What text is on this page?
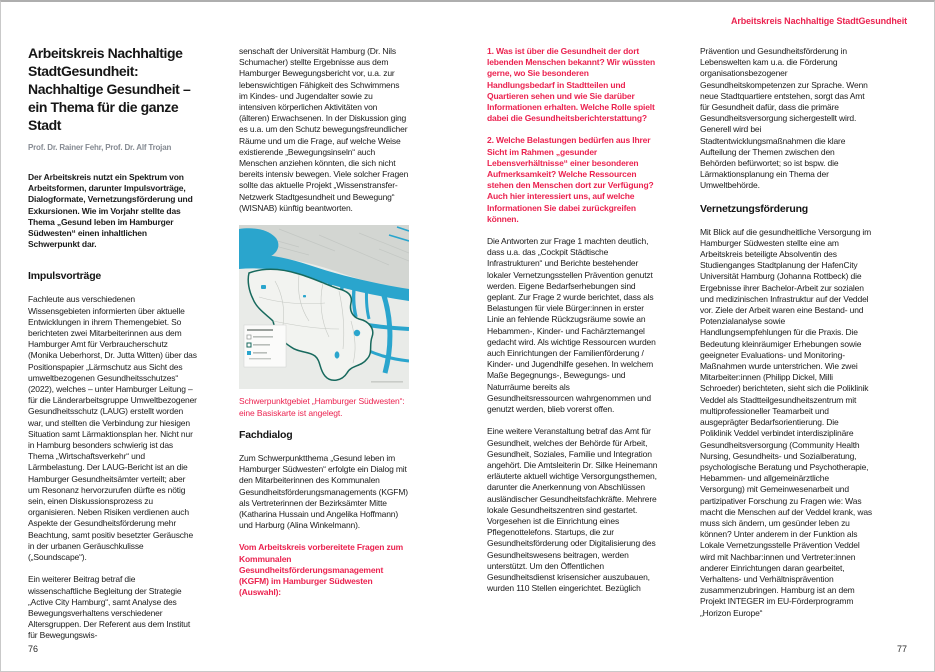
Arbeitskreis Nachhaltige StadtGesundheit
Arbeitskreis Nachhaltige StadtGesundheit: Nachhaltige Gesundheit – ein Thema für die ganze Stadt
Prof. Dr. Rainer Fehr, Prof. Dr. Alf Trojan

Der Arbeitskreis nutzt ein Spektrum von Arbeitsformen, darunter Impulsvorträge, Dialogformate, Vernetzungsförderung und Exkursionen. Wie im Vorjahr stellte das Thema „Gesund leben im Hamburger Südwesten“ einen inhaltlichen Schwerpunkt dar.

Impulsvorträge

Fachleute aus verschiedenen Wissensgebieten informierten über aktuelle Entwicklungen in ihrem Themengebiet. So berichteten zwei Mitarbeiterinnen aus dem Hamburger Amt für Verbraucherschutz (Monika Ueberhorst, Dr. Jutta Witten) über das Positionspapier „Lärmschutz aus Sicht des umweltbezogenen Gesundheitsschutzes“ (2022), welches – unter Hamburger Leitung – für die Länderarbeitsgruppe Umweltbezogener Gesundheitsschutz (LAUG) erstellt worden war, und stellten die Verbindung zur hiesigen Situation samt Lärmaktionsplan her. Nicht nur in Hamburg besonders schwierig ist das Thema „Wirtschaftsverkehr“ und Lärmbelastung. Der LAUG-Bericht ist an die Hamburger Gesundheitsämter verteilt; aber um Resonanz hervorzurufen dürfte es nötig sein, einen Diskussionsprozess zu organisieren. Neben Risiken verdienen auch Aspekte der Gesundheitsförderung mehr Beachtung, samt positiv besetzter Geräusche in der urbanen Geräuschkulisse („Soundscape“).

Ein weiterer Beitrag betraf die wissenschaftliche Begleitung der Strategie „Active City Hamburg“, samt Analyse des Bewegungsverhaltens verschiedener Altersgruppen. Der Referent aus dem Institut für Bewegungswis-

senschaft der Universität Hamburg (Dr. Nils Schumacher) stellte Ergebnisse aus dem Hamburger Bewegungsbericht vor, u.a. zur lebenswichtigen Fähigkeit des Schwimmens im Kindes- und Jugendalter sowie zu intensiven körperlichen Aktivitäten von (älteren) Erwachsenen. In der Diskussion ging es u.a. um den Schutz bewegungsfreundlicher Räume und um die Frage, auf welche Weise existierende „Bewegungsinseln“ auch Menschen anziehen könnten, die sich nicht bereits intensiv bewegen. Viele solcher Fragen sollte das aktuelle Projekt „Wissenstransfer-Netzwerk Stadtgesundheit und Bewegung“ (WISNAB) künftig beantworten.

Schwerpunktgebiet „Hamburger Südwesten“: eine Basiskarte ist angelegt.
Fachdialog

Zum Schwerpunktthema „Gesund leben im Hamburger Südwesten“ erfolgte ein Dialog mit den Mitarbeiterinnen des Kommunalen Gesundheitsförderungsmanagements (KGFM) als Vertreterinnen der Bezirksämter Mitte (Katharina Hussain und Angelika Hoffmann) und Harburg (Alina Winkelmann).

Vom Arbeitskreis vorbereitete Fragen zum Kommunalen Gesundheitsförderungsmanagement (KGFM) im Hamburger Südwesten (Auswahl):

1. Was ist über die Gesundheit der dort lebenden Menschen bekannt? Wir wüssten gerne, wo Sie besonderen Handlungsbedarf in Stadtteilen und Quartieren sehen und wie Sie darüber Informationen erhalten. Welche Rolle spielt dabei die Gesundheitsberichterstattung?

2. Welche Belastungen bedürfen aus Ihrer Sicht im Rahmen „gesunder Lebensverhältnisse“ einer besonderen Aufmerksamkeit? Welche Ressourcen stehen den Menschen dort zur Verfügung? Auch hier interessiert uns, auf welche Informationen Sie dabei zurückgreifen können.

Die Antworten zur Frage 1 machten deutlich, dass u.a. das „Cockpit Städtische Infrastrukturen“ und Berichte bestehender lokaler Vernetzungsstellen Prävention genutzt werden. Eigene Bedarfserhebungen sind geplant. Zur Frage 2 wurde berichtet, dass als Belastungen für viele Bürger:innen in erster Linie an fehlende Rückzugsräume sowie an Hebammen-, Kinder- und Fachärztemangel gedacht wird. Als wichtige Ressourcen wurden auch Einrichtungen der Familienförderung / Kinder- und Jugendhilfe gesehen. In welchem Maße Begegnungs-, Bewegungs- und Naturräume bereits als Gesundheitsressourcen wahrgenommen und genutzt werden, blieb vorerst offen.

Eine weitere Veranstaltung betraf das Amt für Gesundheit, welches der Behörde für Arbeit, Gesundheit, Soziales, Familie und Integration angehört. Die Amtsleiterin Dr. Silke Heinemann erläuterte aktuell wichtige Versorgungsthemen, darunter die Anerkennung von Abschlüssen ausländischer Gesundheitsfachkräfte. Mehrere lokale Gesundheitszentren sind gestartet. Vorgesehen ist die Einrichtung eines Pflegenottelefons. Startups, die zur Gesundheitsförderung oder Digitalisierung des Gesundheitswesens beitragen, werden unterstützt. Um den Öffentlichen Gesundheitsdienst krisensicher auszubauen, wurden 110 Stellen eingerichtet. Bezüglich

Prävention und Gesundheitsförderung in Lebenswelten kam u.a. die Förderung organisationsbezogener Gesundheitskompetenzen zur Sprache. Wenn neue Stadtquartiere entstehen, sorgt das Amt für Gesundheit dafür, dass die primäre Gesundheitsversorgung sichergestellt wird. Generell wird bei Stadtentwicklungsmaßnahmen die klare Aufteilung der Themen zwischen den Behörden befürwortet; so ist bspw. die Lärmaktionsplanung ein Thema der Umweltbehörde.

Vernetzungsförderung

Mit Blick auf die gesundheitliche Versorgung im Hamburger Südwesten stellte eine am Arbeitskreis beteiligte Absolventin des Studienganges Stadtplanung der HafenCity Universität Hamburg (Johanna Rottbeck) die Ergebnisse ihrer Bachelor-Arbeit zur sozialen und medizinischen Infrastruktur auf der Veddel vor. Ziele der Arbeit waren eine Bestand- und Potenzialanalyse sowie Handlungsempfehlungen für die Praxis. Die Bedeutung kleinräumiger Erhebungen sowie geeigneter Evaluations- und Monitoring-Maßnahmen wurde unterstrichen. Wie zwei Mitarbeiter:innen (Philipp Dickel, Milli Schroeder) berichteten, sieht sich die Poliklinik Veddel als Stadtteilgesundheitszentrum mit multiprofessioneller Teamarbeit und ausgeprägter Bedarfsorientierung. Die Poliklinik Veddel verbindet interdisziplinäre Gesundheitsversorgung (Community Health Nursing, Gesundheits- und Sozialberatung, psychologische Beratung und Psychotherapie, Hebammen- und allgemeinärztliche Versorgung) mit Gemeinwesenarbeit und partizipativer Forschung zu Fragen wie: Was macht die Menschen auf der Veddel krank, was muss sich ändern, um gesünder leben zu können? Unter anderem in der Funktion als Lokale Vernetzungsstelle Prävention Veddel wird mit Nachbar:innen und Vertreter:innen anderer Einrichtungen daran gearbeitet, Verhaltens- und Verhältnisprävention zusammenzubringen. Hamburg ist an dem Projekt INTEGER im EU-Förderprogramm „Horizon Europe“

76	77
